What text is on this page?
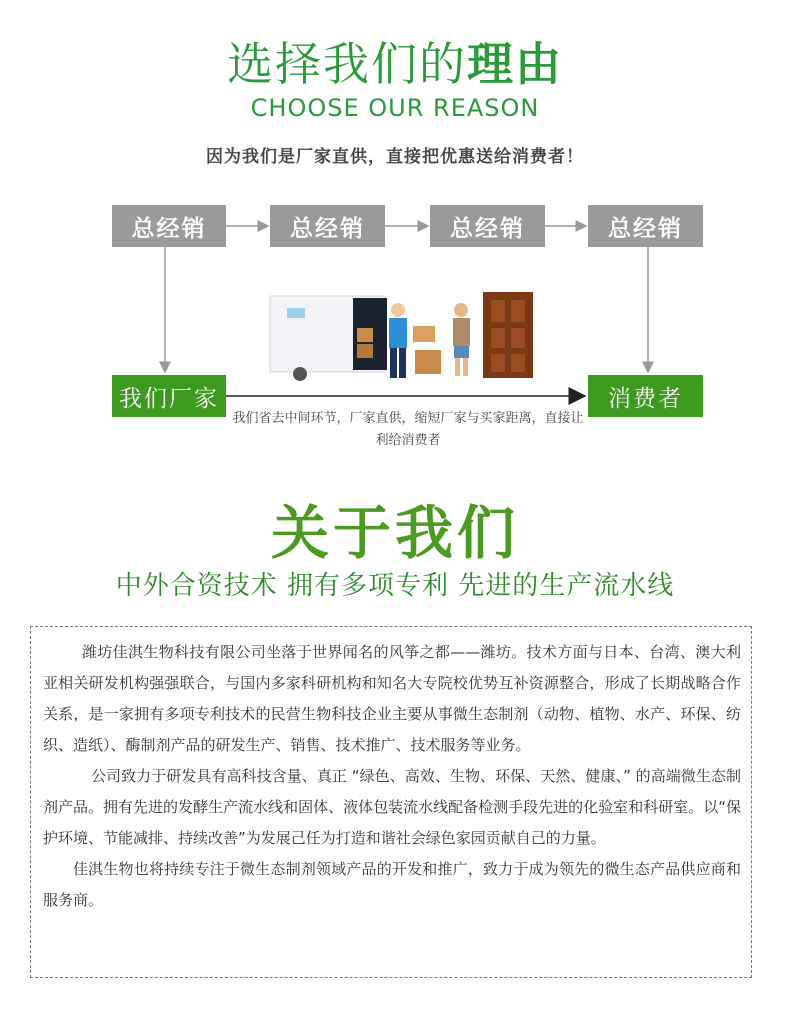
选择我们的理由
CHOOSE OUR REASON
因为我们是厂家直供，直接把优惠送给消费者！
总经销	总经销	总经销	总经销
我们厂家	消费者
我们省去中间环节，厂家直供，缩短厂家与买家距离，直接让利给消费者
关于我们
中外合资技术 拥有多项专利 先进的生产流水线

潍坊佳淇生物科技有限公司坐落于世界闻名的风筝之都——潍坊。技术方面与日本、台湾、澳大利亚相关研发机构强强联合，与国内多家科研机构和知名大专院校优势互补资源整合，形成了长期战略合作关系，是一家拥有多项专利技术的民营生物科技企业主要从事微生态制剂（动物、植物、水产、环保、纺织、造纸）、酶制剂产品的研发生产、销售、技术推广、技术服务等业务。

公司致力于研发具有高科技含量、真正 “绿色、高效、生物、环保、天然、健康、” 的高端微生态制剂产品。拥有先进的发酵生产流水线和固体、液体包装流水线配备检测手段先进的化验室和科研室。以“保护环境、节能减排、持续改善”为发展己任为打造和谐社会绿色家园贡献自己的力量。

佳淇生物也将持续专注于微生态制剂领域产品的开发和推广，致力于成为领先的微生态产品供应商和服务商。
